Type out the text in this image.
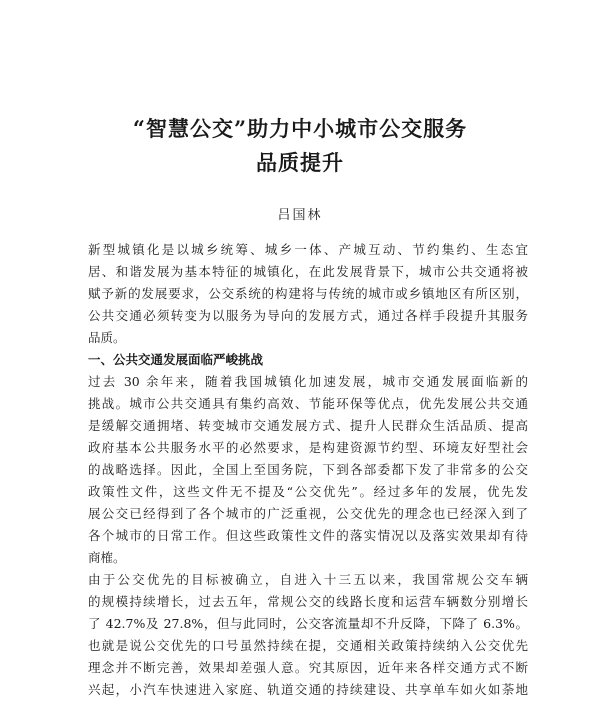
“智慧公交”助力中小城市公交服务
品质提升
吕国林
新型城镇化是以城乡统筹、城乡一体、产城互动、节约集约、生态宜
居、和谐发展为基本特征的城镇化，在此发展背景下，城市公共交通将被
赋予新的发展要求，公交系统的构建将与传统的城市或乡镇地区有所区别，
公共交通必须转变为以服务为导向的发展方式，通过各样手段提升其服务
品质。
一、公共交通发展面临严峻挑战
过去 30 余年来，随着我国城镇化加速发展，城市交通发展面临新的
挑战。城市公共交通具有集约高效、节能环保等优点，优先发展公共交通
是缓解交通拥堵、转变城市交通发展方式、提升人民群众生活品质、提高
政府基本公共服务水平的必然要求，是构建资源节约型、环境友好型社会
的战略选择。因此，全国上至国务院，下到各部委都下发了非常多的公交
政策性文件，这些文件无不提及“公交优先”。经过多年的发展，优先发
展公交已经得到了各个城市的广泛重视，公交优先的理念也已经深入到了
各个城市的日常工作。但这些政策性文件的落实情况以及落实效果却有待
商榷。
由于公交优先的目标被确立，自进入十三五以来，我国常规公交车辆
的规模持续增长，过去五年，常规公交的线路长度和运营车辆数分别增长
了 42.7%及 27.8%，但与此同时，公交客流量却不升反降，下降了 6.3%。
也就是说公交优先的口号虽然持续在提，交通相关政策持续纳入公交优先
理念并不断完善，效果却差强人意。究其原因，近年来各样交通方式不断
兴起，小汽车快速进入家庭、轨道交通的持续建设、共享单车如火如荼地
